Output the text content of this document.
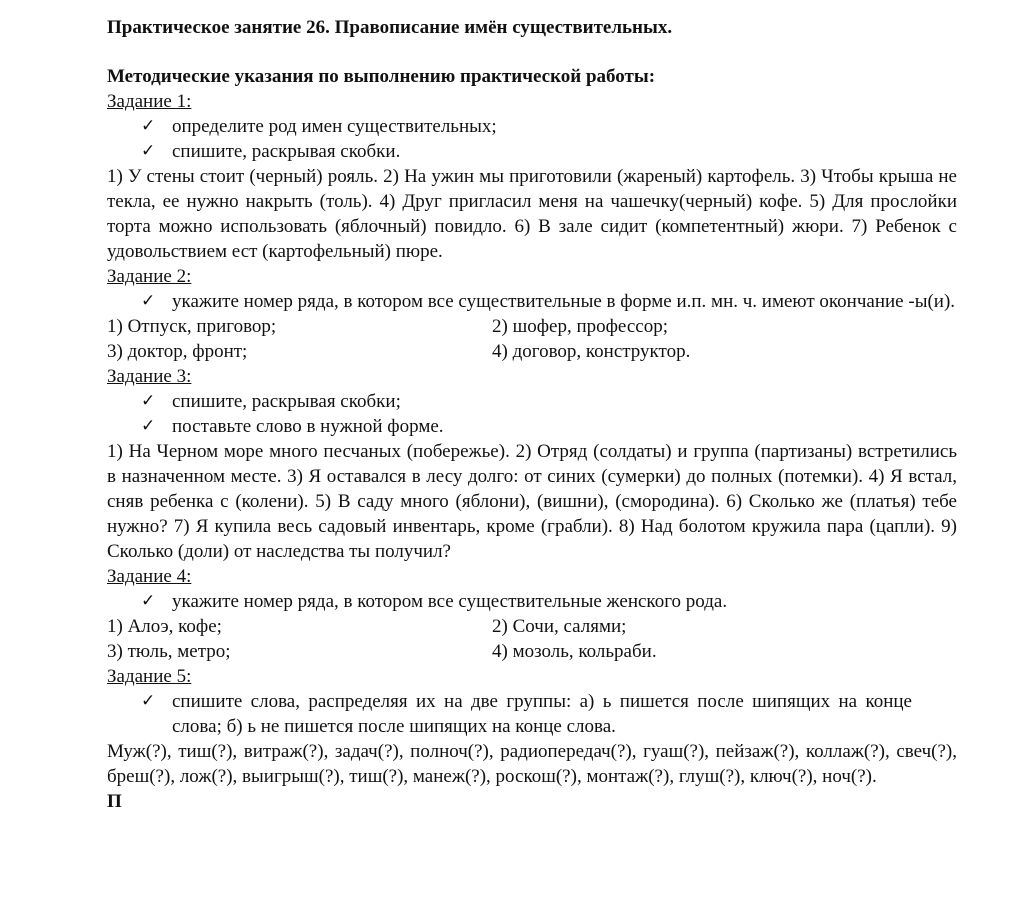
Практическое занятие 26. Правописание имён существительных.
Методические указания по выполнению практической работы:
Задание 1:
✓ определите род имен существительных;
✓ спишите, раскрывая скобки.
1) У стены стоит (черный) рояль. 2) На ужин мы приготовили (жареный) картофель. 3) Чтобы крыша не текла, ее нужно накрыть (толь). 4) Друг пригласил меня на чашечку(черный) кофе. 5) Для прослойки торта можно использовать (яблочный) повидло. 6) В зале сидит (компетентный) жюри. 7) Ребенок с удовольствием ест (картофельный) пюре.
Задание 2:
✓ укажите номер ряда, в котором все существительные в форме и.п. мн. ч. имеют окончание -ы(и).
1) Отпуск, приговор;	2) шофер, профессор;
3) доктор, фронт;	4) договор, конструктор.
Задание 3:
✓ спишите, раскрывая скобки;
✓ поставьте слово в нужной форме.
1) На Черном море много песчаных (побережье). 2) Отряд (солдаты) и группа (партизаны) встретились в назначенном месте. 3) Я оставался в лесу долго: от синих (сумерки) до полных (потемки). 4) Я встал, сняв ребенка с (колени). 5) В саду много (яблони), (вишни), (смородина). 6) Сколько же (платья) тебе нужно? 7) Я купила весь садовый инвентарь, кроме (грабли). 8) Над болотом кружила пара (цапли). 9) Сколько (доли) от наследства ты получил?
Задание 4:
✓ укажите номер ряда, в котором все существительные женского рода.
1) Алоэ, кофе;	2) Сочи, салями;
3) тюль, метро;	4) мозоль, кольраби.
Задание 5:
✓ спишите слова, распределяя их на две группы: а) ь пишется после шипящих на конце слова; б) ь не пишется после шипящих на конце слова.
Муж(?), тиш(?), витраж(?), задач(?), полноч(?), радиопередач(?), гуаш(?), пейзаж(?), коллаж(?), свеч(?), бреш(?), лож(?), выигрыш(?), тиш(?), манеж(?), роскош(?), монтаж(?), глуш(?), ключ(?), ноч(?).
П
